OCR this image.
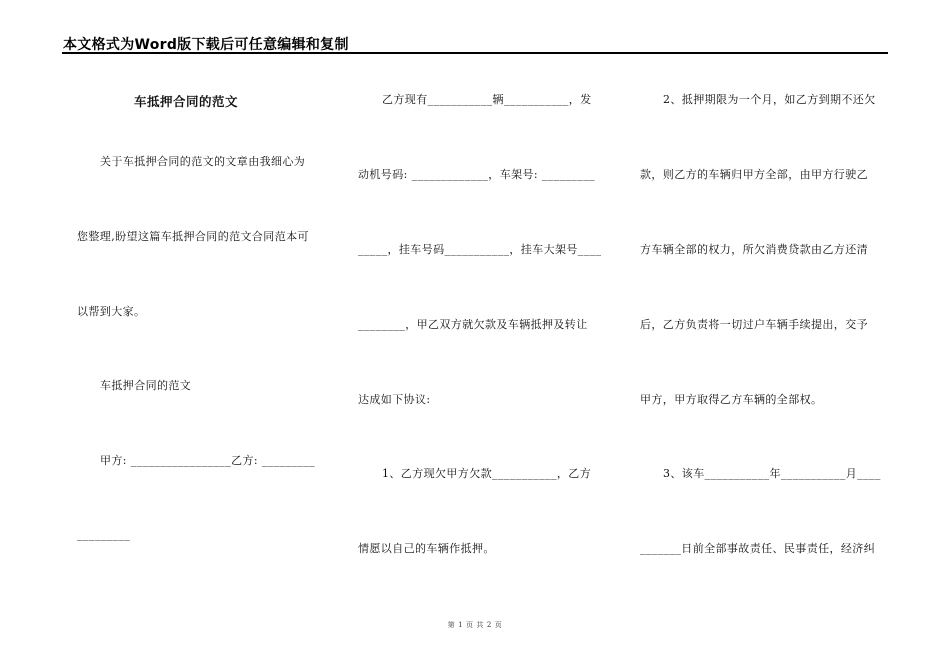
本文格式为Word版下载后可任意编辑和复制
车抵押合同的范文
关于车抵押合同的范文的文章由我细心为
您整理,盼望这篇车抵押合同的范文合同范本可
以帮到大家。
车抵押合同的范文
甲方: _________________乙方: _________
_________
乙方现有___________辆___________，发
动机号码: _____________，车架号: _________
_____，挂车号码___________，挂车大架号____
________，甲乙双方就欠款及车辆抵押及转让
达成如下协议:
1、乙方现欠甲方欠款___________，乙方
情愿以自己的车辆作抵押。
2、抵押期限为一个月，如乙方到期不还欠
款，则乙方的车辆归甲方全部，由甲方行驶乙
方车辆全部的权力，所欠消费贷款由乙方还清
后，乙方负责将一切过户车辆手续提出，交予
甲方，甲方取得乙方车辆的全部权。
3、该车___________年___________月____
_______日前全部事故责任、民事责任，经济纠
第 1 页 共 2 页
